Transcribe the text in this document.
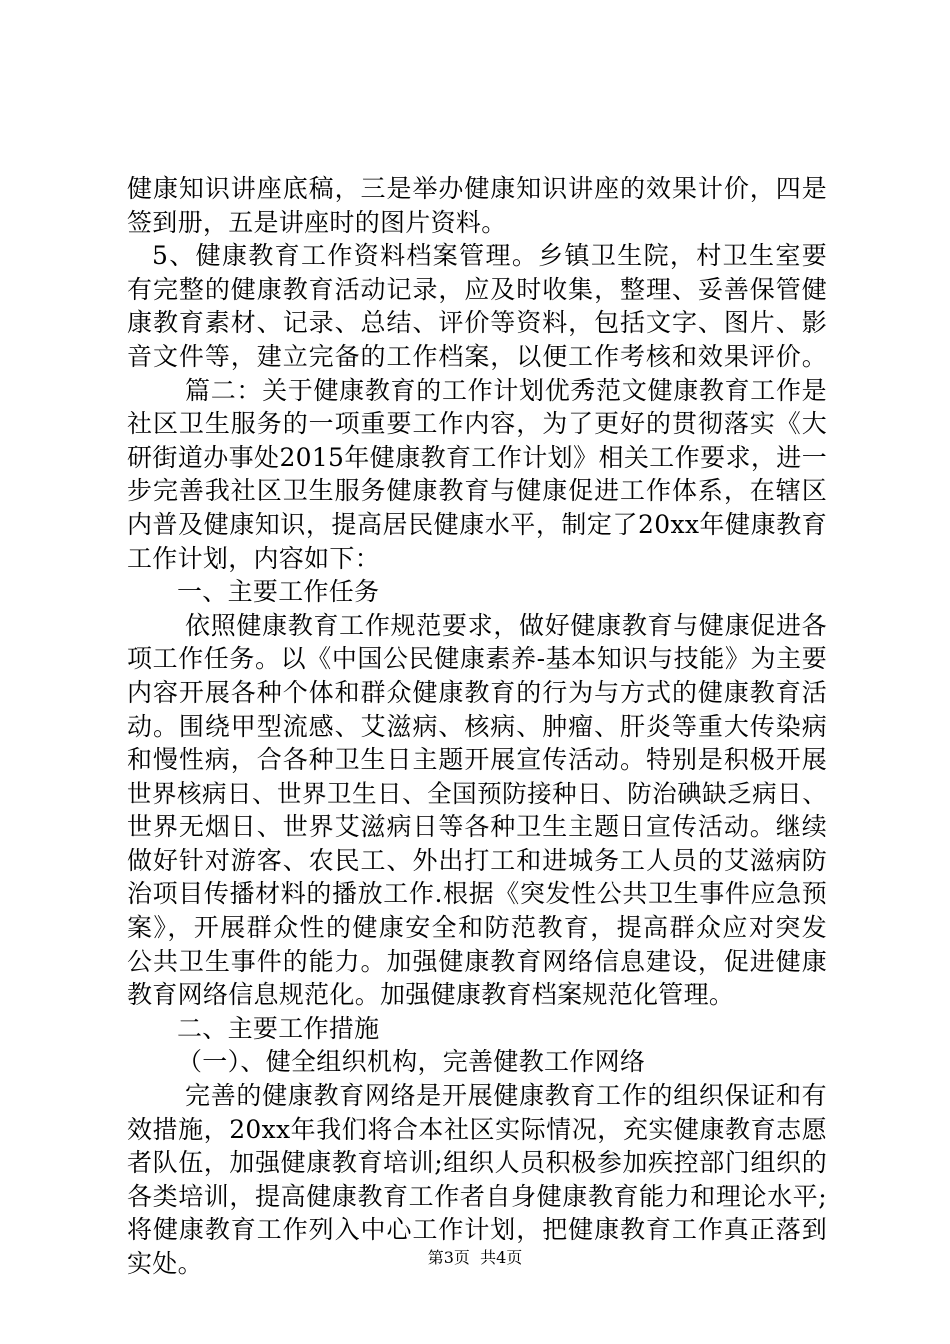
健康知识讲座底稿，三是举办健康知识讲座的效果计价，四是
签到册，五是讲座时的图片资料。
5、健康教育工作资料档案管理。乡镇卫生院，村卫生室要
有完整的健康教育活动记录，应及时收集，整理、妥善保管健
康教育素材、记录、总结、评价等资料，包括文字、图片、影
音文件等，建立完备的工作档案，以便工作考核和效果评价。
篇二：关于健康教育的工作计划优秀范文健康教育工作是
社区卫生服务的一项重要工作内容，为了更好的贯彻落实《大
研街道办事处2015年健康教育工作计划》相关工作要求，进一
步完善我社区卫生服务健康教育与健康促进工作体系，在辖区
内普及健康知识，提高居民健康水平，制定了20xx年健康教育
工作计划，内容如下：
一、主要工作任务
依照健康教育工作规范要求，做好健康教育与健康促进各
项工作任务。以《中国公民健康素养-基本知识与技能》为主要
内容开展各种个体和群众健康教育的行为与方式的健康教育活
动。围绕甲型流感、艾滋病、核病、肿瘤、肝炎等重大传染病
和慢性病，合各种卫生日主题开展宣传活动。特别是积极开展
世界核病日、世界卫生日、全国预防接种日、防治碘缺乏病日、
世界无烟日、世界艾滋病日等各种卫生主题日宣传活动。继续
做好针对游客、农民工、外出打工和进城务工人员的艾滋病防
治项目传播材料的播放工作.根据《突发性公共卫生事件应急预
案》，开展群众性的健康安全和防范教育，提高群众应对突发
公共卫生事件的能力。加强健康教育网络信息建设，促进健康
教育网络信息规范化。加强健康教育档案规范化管理。
二、主要工作措施
（一）、健全组织机构，完善健教工作网络
完善的健康教育网络是开展健康教育工作的组织保证和有
效措施，20xx年我们将合本社区实际情况，充实健康教育志愿
者队伍，加强健康教育培训;组织人员积极参加疾控部门组织的
各类培训，提高健康教育工作者自身健康教育能力和理论水平;
将健康教育工作列入中心工作计划，把健康教育工作真正落到
实处。	第3页  共4页
